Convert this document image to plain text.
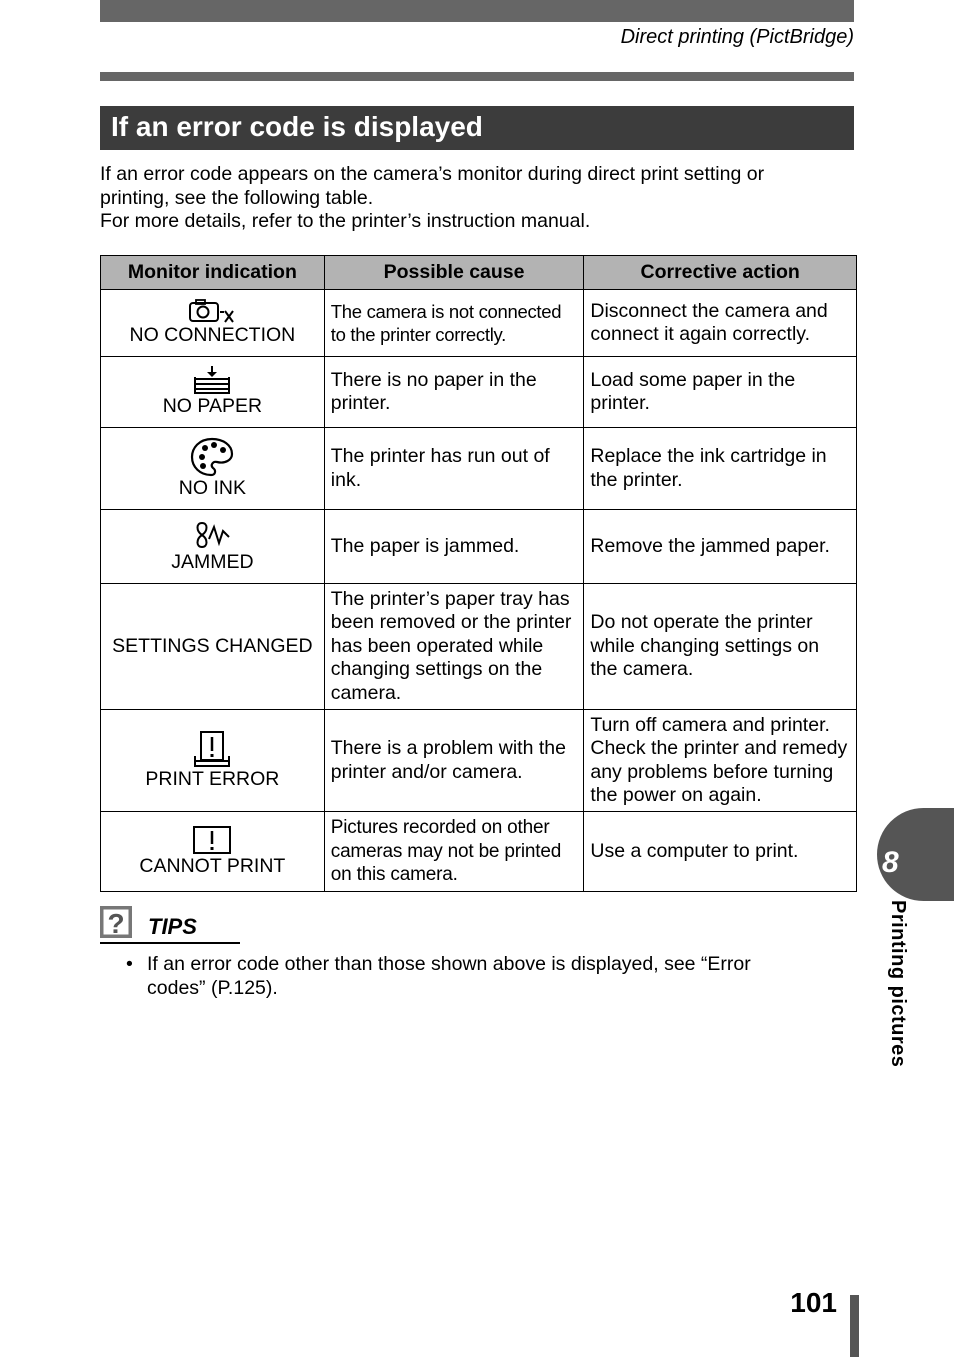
Direct printing (PictBridge)
If an error code is displayed

If an error code appears on the camera’s monitor during direct print setting or printing, see the following table.

For more details, refer to the printer’s instruction manual.

Monitor indication	Possible cause	Corrective action

NO CONNECTION	The camera is not connected to the printer correctly.	Disconnect the camera and connect it again correctly.

NO PAPER	There is no paper in the printer.	Load some paper in the printer.

NO INK	The printer has run out of ink.	Replace the ink cartridge in the printer.

JAMMED	The paper is jammed.	Remove the jammed paper.

SETTINGS CHANGED	The printer’s paper tray has been removed or the printer has been operated while changing settings on the camera.	Do not operate the printer while changing settings on the camera.

PRINT ERROR	There is a problem with the printer and/or camera.	Turn off camera and printer. Check the printer and remedy any problems before turning the power on again.

CANNOT PRINT	Pictures recorded on other cameras may not be printed on this camera.	Use a computer to print.
? TIPS
• If an error code other than those shown above is displayed, see “Error codes” (P.125).
8
Printing pictures
101
